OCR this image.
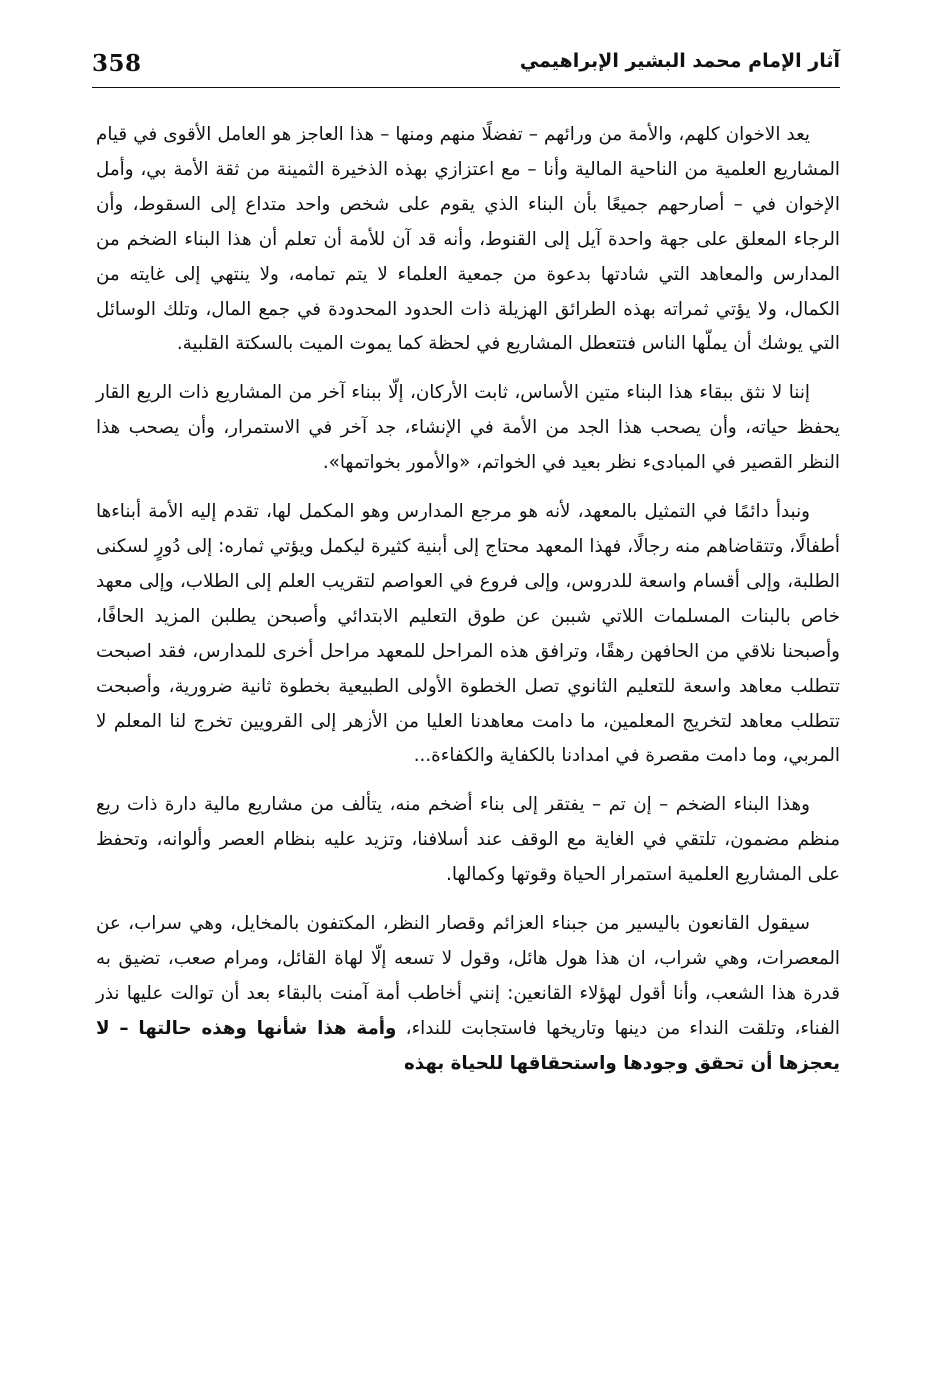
358	آثار الإمام محمد البشير الإبراهيمي

يعد الاخوان كلهم، والأمة من ورائهم – تفضلًا منهم ومنها – هذا العاجز هو العامل الأقوى في قيام المشاريع العلمية من الناحية المالية وأنا – مع اعتزازي بهذه الذخيرة الثمينة من ثقة الأمة بي، وأمل الإخوان في – أصارحهم جميعًا بأن البناء الذي يقوم على شخص واحد متداع إلى السقوط، وأن الرجاء المعلق على جهة واحدة آيل إلى القنوط، وأنه قد آن للأمة أن تعلم أن هذا البناء الضخم من المدارس والمعاهد التي شادتها بدعوة من جمعية العلماء لا يتم تمامه، ولا ينتهي إلى غايته من الكمال، ولا يؤتي ثمراته بهذه الطرائق الهزيلة ذات الحدود المحدودة في جمع المال، وتلك الوسائل التي يوشك أن يملّها الناس فتتعطل المشاريع في لحظة كما يموت الميت بالسكتة القلبية.

إننا لا نثق ببقاء هذا البناء متين الأساس، ثابت الأركان، إلّا ببناء آخر من المشاريع ذات الريع القار يحفظ حياته، وأن يصحب هذا الجد من الأمة في الإنشاء، جد آخر في الاستمرار، وأن يصحب هذا النظر القصير في المبادىء نظر بعيد في الخواتم، «والأمور بخواتمها».

ونبدأ دائمًا في التمثيل بالمعهد، لأنه هو مرجع المدارس وهو المكمل لها، تقدم إليه الأمة أبناءها أطفالًا، وتتقاضاهم منه رجالًا، فهذا المعهد محتاج إلى أبنية كثيرة ليكمل ويؤتي ثماره: إلى دُورٍ لسكنى الطلبة، وإلى أقسام واسعة للدروس، وإلى فروع في العواصم لتقريب العلم إلى الطلاب، وإلى معهد خاص بالبنات المسلمات اللاتي شببن عن طوق التعليم الابتدائي وأصبحن يطلبن المزيد الحافًا، وأصبحنا نلاقي من الحافهن رهقًا، وترافق هذه المراحل للمعهد مراحل أخرى للمدارس، فقد اصبحت تتطلب معاهد واسعة للتعليم الثانوي تصل الخطوة الأولى الطبيعية بخطوة ثانية ضرورية، وأصبحت تتطلب معاهد لتخريج المعلمين، ما دامت معاهدنا العليا من الأزهر إلى القرويين تخرج لنا المعلم لا المربي، وما دامت مقصرة في امدادنا بالكفاية والكفاءة...

وهذا البناء الضخم – إن تم – يفتقر إلى بناء أضخم منه، يتألف من مشاريع مالية دارة ذات ريع منظم مضمون، تلتقي في الغاية مع الوقف عند أسلافنا، وتزيد عليه بنظام العصر وألوانه، وتحفظ على المشاريع العلمية استمرار الحياة وقوتها وكمالها.

سيقول القانعون باليسير من جبناء العزائم وقصار النظر، المكتفون بالمخايل، وهي سراب، عن المعصرات، وهي شراب، ان هذا هول هائل، وقول لا تسعه إلّا لهاة القائل، ومرام صعب، تضيق به قدرة هذا الشعب، وأنا أقول لهؤلاء القانعين: إنني أخاطب أمة آمنت بالبقاء بعد أن توالت عليها نذر الفناء، وتلقت النداء من دينها وتاريخها فاستجابت للنداء، وأمة هذا شأنها وهذه حالتها – لا يعجزها أن تحقق وجودها واستحقاقها للحياة بهذه
